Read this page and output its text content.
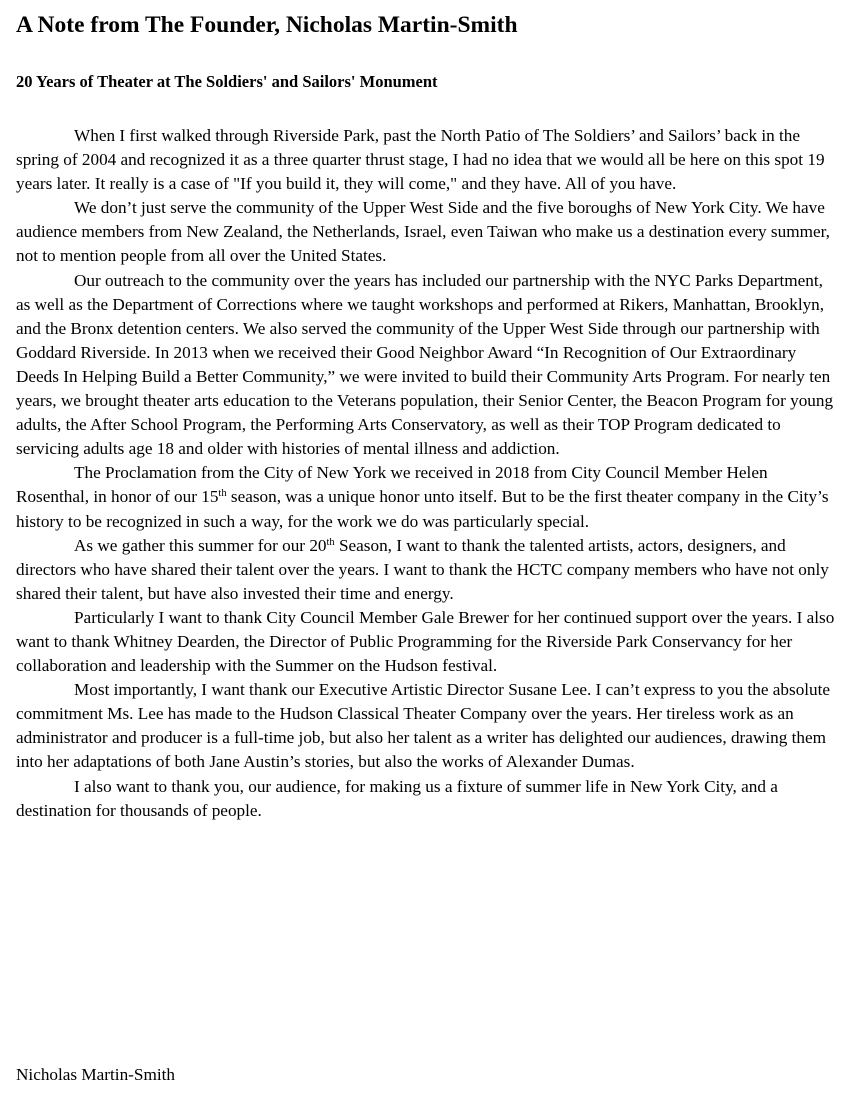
A Note from The Founder, Nicholas Martin-Smith
20 Years of Theater at The Soldiers' and Sailors' Monument

When I first walked through Riverside Park, past the North Patio of The Soldiers’ and Sailors’ back in the spring of 2004 and recognized it as a three quarter thrust stage, I had no idea that we would all be here on this spot 19 years later. It really is a case of "If you build it, they will come," and they have. All of you have.

We don’t just serve the community of the Upper West Side and the five boroughs of New York City. We have audience members from New Zealand, the Netherlands, Israel, even Taiwan who make us a destination every summer, not to mention people from all over the United States.

Our outreach to the community over the years has included our partnership with the NYC Parks Department, as well as the Department of Corrections where we taught workshops and performed at Rikers, Manhattan, Brooklyn, and the Bronx detention centers. We also served the community of the Upper West Side through our partnership with Goddard Riverside. In 2013 when we received their Good Neighbor Award “In Recognition of Our Extraordinary Deeds In Helping Build a Better Community,” we were invited to build their Community Arts Program. For nearly ten years, we brought theater arts education to the Veterans population, their Senior Center, the Beacon Program for young adults, the After School Program, the Performing Arts Conservatory, as well as their TOP Program dedicated to servicing adults age 18 and older with histories of mental illness and addiction.

The Proclamation from the City of New York we received in 2018 from City Council Member Helen Rosenthal, in honor of our 15th season, was a unique honor unto itself. But to be the first theater company in the City’s history to be recognized in such a way, for the work we do was particularly special.

As we gather this summer for our 20th Season, I want to thank the talented artists, actors, designers, and directors who have shared their talent over the years. I want to thank the HCTC company members who have not only shared their talent, but have also invested their time and energy.

Particularly I want to thank City Council Member Gale Brewer for her continued support over the years. I also want to thank Whitney Dearden, the Director of Public Programming for the Riverside Park Conservancy for her collaboration and leadership with the Summer on the Hudson festival.

Most importantly, I want thank our Executive Artistic Director Susane Lee. I can’t express to you the absolute commitment Ms. Lee has made to the Hudson Classical Theater Company over the years. Her tireless work as an administrator and producer is a full-time job, but also her talent as a writer has delighted our audiences, drawing them into her adaptations of both Jane Austin’s stories, but also the works of Alexander Dumas.

I also want to thank you, our audience, for making us a fixture of summer life in New York City, and a destination for thousands of people.

Nicholas Martin-Smith
